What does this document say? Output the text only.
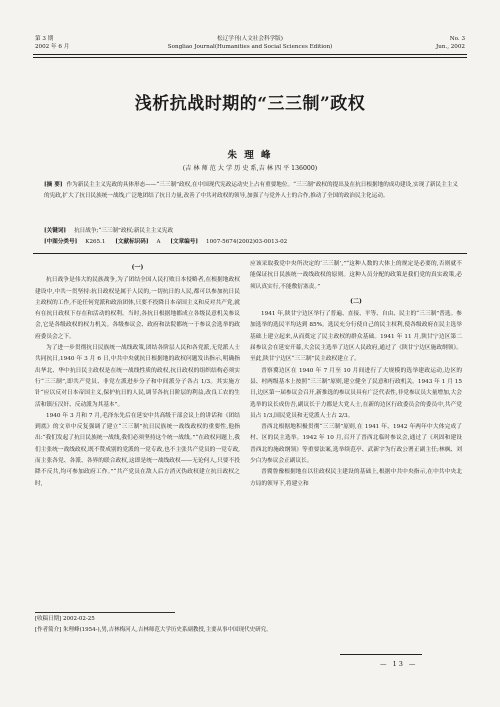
第 3 期
2002 年 6 月
松辽学刊(人文社会科学版)
Songliao Journal(Humanities and Social Sciences Edition)
No. 3
Jun., 2002
浅析抗战时期的“三三制”政权
朱 理 峰
(吉 林 师 范 大 学 历 史 系,吉 林 四 平 136000)
[摘 要] 作为新民主主义宪政的具体形态——“三三制”政权,在中国现代宪政运动史上占有重要地位。“三三制”政权的提出及在抗日根据地的成功建设,实现了新民主主义的宪政,扩大了抗日民族统一战线,广泛地团结了抗日力量,改善了中共对政权的领导,加强了与党外人士的合作,推动了全国的政治民主化运动。
[关键词] 抗日战争;“三三制”政权;新民主主义宪政
[中图分类号] K265.1 [文献标识码] A [文章编号] 1007-5674(2002)03-0013-02
(一)

抗日战争是伟大的民族战争,为了团结全国人民打败日本侵略者,在根据地政权建设中,中共一贯坚持:抗日政权是属于人民的,一切抗日的人民,都可以参加抗日民主政权的工作,不论任何党派和政治团体,只要不投降日本帝国主义和反对共产党,就有在抗日政权下存在和活动的权利。当时,各抗日根据地都成立各级民意机关参议会,它是各级政权的权力机关。各级参议会、政府和法院都统一于参议会选举的政府委员会之下。

为了进一步贯彻抗日民族统一战线政策,团结各阶层人民和各党派,无党派人士共同抗日,1940 年 3 月 6 日,中共中央就抗日根据地的政权问题发出指示,明确指出华北、华中抗日民主政权是在统一战线性质的政权,抗日政权的组织结构必须实行“三三制”,即共产党员、非党左派进步分子和中间派分子各占 1/3。其实施方针“应以反对日本帝国主义,保护抗日的人民,调节各抗日阶层的利益,改良工农的生活和镇压汉奸、反动派为其基本”。

1940 年 3 月和 7 月,毛泽东先后在延安中共高级干部会议上的讲话和《团结到底》的文章中反复强调了建立“三三制”抗日民族统一战线政权的重要性,他指出:“我们发起了抗日民族统一战线,我们必须坚持这个统一战线。”“在政权问题上,我们主张统一战线政权,既不赞成别的党派的一党专政,也不主张共产党员的一党专政,而主张各党、各派、各界的联合政权,这即是统一战线政权——无论何人,只要不投降不反共,均可参加政府工作。”“共产党员在敌人后方消灭伪政权建立抗日政权之时,

应该采取我党中央所决定的‘三三制’,”“这种人数的大体上的规定是必要的,否则就不能保证抗日民族统一战线政权的原则。这种人员分配的政策是我们党的真实政策,必须认真实行,不能敷衍塞责。”

(二)

1941 年,陕甘宁边区举行了普遍、直接、平等、自由、民主的“三三制”普选。参加选举的选民平均达到 85%。选民充分行使自己的民主权利,使各级政府在民主选举基础上建立起来,从而奠定了民主政权的群众基础。1941 年 11 月,陕甘宁边区第二届参议会在延安开幕,大会民主选举了边区人民政府,通过了《陕甘宁边区施政纲领》。至此,陕甘宁边区“三三制”民主政权建立了。

晋察冀边区在 1940 年 7 月至 10 月间进行了大规模的选举建政运动,边区的县、村两级基本上按照“三三制”原则,建立健全了民意和行政机关。1943 年 1 月 15 日,边区第一届参议会召开,新推选的参议员具有广泛代表性,非党参议员大量增加,大会选举的议长成仿吾,副议长于力都是大党人士,在新的边区行政委员会的委员中,共产党员占 1/3,国民党员和无党派人士占 2/3。

晋西北根据地积极贯彻“三三制”原则,在 1941 年、1942 年两年中大体完成了村、区的民主选举。1942 年 10 月,召开了晋西北临时参议会,通过了《巩固和建设晋西北的施政纲领》等重要法案,选举续范亭、武新宇为行政公署正副主任;林枫、刘少白为参议会正副议长。

晋冀鲁豫根据地在以往政权民主建设的基础上,根据中共中央指示,在中共中央北方局的领导下,将建立和

[收稿日期] 2002-02-25
[作者简介] 朱理峰(1954-),男,吉林梅河人,吉林师范大学历史系副教授,主要从事中国现代史研究。
— 13 —
